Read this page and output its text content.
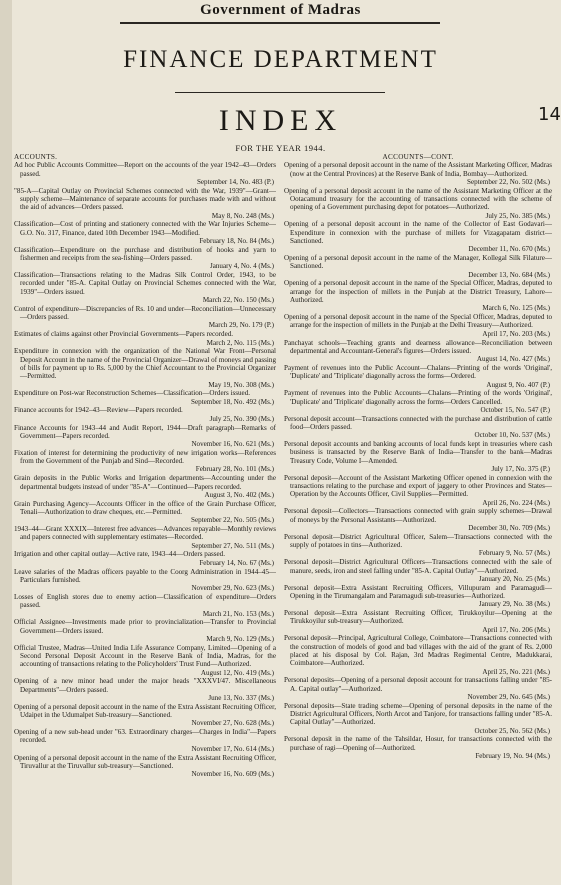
Government of Madras
FINANCE DEPARTMENT
INDEX
FOR THE YEAR 1944.
14

ACCOUNTS.

Ad hoc Public Accounts Committee—Report on the accounts of the year 1942–43—Orders passed.
September 14, No. 483 (P.)

"85-A—Capital Outlay on Provincial Schemes connected with the War, 1939"—Grant—supply scheme—Maintenance of separate accounts for purchases made with and without the aid of advances—Orders passed.
May 8, No. 248 (Ms.)

Classification—Cost of printing and stationery connected with the War Injuries Scheme—G.O. No. 317, Finance, dated 10th December 1943—Modified.
February 18, No. 84 (Ms.)

Classification—Expenditure on the purchase and distribution of hooks and yarn to fishermen and receipts from the sea-fishing—Orders passed.
January 4, No. 4 (Ms.)

Classification—Transactions relating to the Madras Silk Control Order, 1943, to be recorded under "85-A. Capital Outlay on Provincial Schemes connected with the War, 1939"—Orders issued.
March 22, No. 150 (Ms.)

Control of expenditure—Discrepancies of Rs. 10 and under—Reconciliation—Unnecessary—Orders passed.
March 29, No. 179 (P.)

Estimates of claims against other Provincial Governments—Papers recorded.
March 2, No. 115 (Ms.)

Expenditure in connexion with the organization of the National War Front—Personal Deposit Account in the name of the Provincial Organizer—Drawal of moneys and passing of bills for payment up to Rs. 5,000 by the Chief Accountant to the Provincial Organizer—Permitted.
May 19, No. 308 (Ms.)

Expenditure on Post-war Reconstruction Schemes—Classification—Orders issued.
September 18, No. 492 (Ms.)

Finance accounts for 1942–43—Review—Papers recorded.
July 25, No. 390 (Ms.)

Finance Accounts for 1943–44 and Audit Report, 1944—Draft paragraph—Remarks of Government—Papers recorded.
November 16, No. 621 (Ms.)

Fixation of interest for determining the productivity of new irrigation works—References from the Government of the Punjab and Sind—Recorded.
February 28, No. 101 (Ms.)

Grain deposits in the Public Works and Irrigation departments—Accounting under the departmental budgets instead of under "85-A"—Continued—Papers recorded.
August 3, No. 402 (Ms.)

Grain Purchasing Agency—Accounts Officer in the office of the Grain Purchase Officer, Tenali—Authorization to draw cheques, etc.—Permitted.
September 22, No. 505 (Ms.)

1943–44—Grant XXXIX—Interest free advances—Advances repayable—Monthly reviews and papers connected with supplementary estimates—Recorded.
September 27, No. 511 (Ms.)

Irrigation and other capital outlay—Active rate, 1943–44—Orders passed.
February 14, No. 67 (Ms.)

Leave salaries of the Madras officers payable to the Coorg Administration in 1944–45—Particulars furnished.
November 29, No. 623 (Ms.)

Losses of English stores due to enemy action—Classification of expenditure—Orders passed.
March 21, No. 153 (Ms.)

Official Assignee—Investments made prior to provincialization—Transfer to Provincial Government—Orders issued.
March 9, No. 129 (Ms.)

Official Trustee, Madras—United India Life Assurance Company, Limited—Opening of a Second Personal Deposit Account in the Reserve Bank of India, Madras, for the accounting of transactions relating to the Policyholders' Trust Fund—Authorized.
August 12, No. 419 (Ms.)

Opening of a new minor head under the major heads "XXXVI/47. Miscellaneous Departments"—Orders passed.
June 13, No. 337 (Ms.)

Opening of a personal deposit account in the name of the Extra Assistant Recruiting Officer, Udaipet in the Udumalpet Sub-treasury—Sanctioned.
November 27, No. 628 (Ms.)

Opening of a new sub-head under "63. Extraordinary charges—Charges in India"—Papers recorded.
November 17, No. 614 (Ms.)

Opening of a personal deposit account in the name of the Extra Assistant Recruiting Officer, Tiruvallur at the Tiruvallur sub-treasury—Sanctioned.
November 16, No. 609 (Ms.)

ACCOUNTS—CONT.

Opening of a personal deposit account in the name of the Assistant Marketing Officer, Madras (now at the Central Provinces) at the Reserve Bank of India, Bombay—Authorized.
September 22, No. 502 (Ms.)

Opening of a personal deposit account in the name of the Assistant Marketing Officer at the Ootacamund treasury for the accounting of transactions connected with the scheme of opening of a Government purchasing depot for potatoes—Authorized.
July 25, No. 385 (Ms.)

Opening of a personal deposit account in the name of the Collector of East Godavari—Expenditure in connexion with the purchase of millets for Vizagapatam district—Sanctioned.
December 11, No. 670 (Ms.)

Opening of a personal deposit account in the name of the Manager, Kollegal Silk Filature—Sanctioned.
December 13, No. 684 (Ms.)

Opening of a personal deposit account in the name of the Special Officer, Madras, deputed to arrange for the inspection of millets in the Punjab at the District Treasury, Lahore—Authorized.
March 6, No. 125 (Ms.)

Opening of a personal deposit account in the name of the Special Officer, Madras, deputed to arrange for the inspection of millets in the Punjab at the Delhi Treasury—Authorized.
April 17, No. 203 (Ms.)

Panchayat schools—Teaching grants and dearness allowance—Reconciliation between departmental and Accountant-General's figures—Orders issued.
August 14, No. 427 (Ms.)

Payment of revenues into the Public Account—Chalans—Printing of the words 'Original', 'Duplicate' and 'Triplicate' diagonally across the forms—Ordered.
August 9, No. 407 (P.)

Payment of revenues into the Public Accounts—Chalans—Printing of the words 'Original', 'Duplicate' and 'Triplicate' diagonally across the forms—Orders Cancelled.
October 15, No. 547 (P.)

Personal deposit account—Transactions connected with the purchase and distribution of cattle food—Orders passed.
October 10, No. 537 (Ms.)

Personal deposit accounts and banking accounts of local funds kept in treasuries where cash business is transacted by the Reserve Bank of India—Transfer to the bank—Madras Treasury Code, Volume I—Amended.
July 17, No. 375 (P.)

Personal deposit—Account of the Assistant Marketing Officer opened in connexion with the transactions relating to the purchase and export of jaggery to other Provinces and States—Operation by the Accounts Officer, Civil Supplies—Permitted.
April 26, No. 224 (Ms.)

Personal deposit—Collectors—Transactions connected with grain supply schemes—Drawal of moneys by the Personal Assistants—Authorized.
December 30, No. 709 (Ms.)

Personal deposit—District Agricultural Officer, Salem—Transactions connected with the supply of potatoes in tins—Authorized.
February 9, No. 57 (Ms.)

Personal deposit—District Agricultural Officers—Transactions connected with the sale of manure, seeds, iron and steel falling under "85-A. Capital Outlay"—Authorized.
January 20, No. 25 (Ms.)

Personal deposit—Extra Assistant Recruiting Officers, Villupuram and Paramagudi—Opening in the Tirumangalam and Paramagudi sub-treasuries—Authorized.
January 29, No. 38 (Ms.)

Personal deposit—Extra Assistant Recruiting Officer, Tirukkoyilur—Opening at the Tirukkoyilur sub-treasury—Authorized.
April 17, No. 206 (Ms.)

Personal deposit—Principal, Agricultural College, Coimbatore—Transactions connected with the construction of models of good and bad villages with the aid of the grant of Rs. 2,000 placed at his disposal by Col. Rajan, 3rd Madras Regimental Centre, Madukkarai, Coimbatore—Authorized.
April 25, No. 221 (Ms.)

Personal deposits—Opening of a personal deposit account for transactions falling under "85-A. Capital outlay"—Authorized.
November 29, No. 645 (Ms.)

Personal deposits—State trading scheme—Opening of personal deposits in the name of the District Agricultural Officers, North Arcot and Tanjore, for transactions falling under "85-A. Capital Outlay"—Authorized.
October 25, No. 562 (Ms.)

Personal deposit in the name of the Tahsildar, Hosur, for transactions connected with the purchase of ragi—Opening of—Authorized.
February 19, No. 94 (Ms.)
